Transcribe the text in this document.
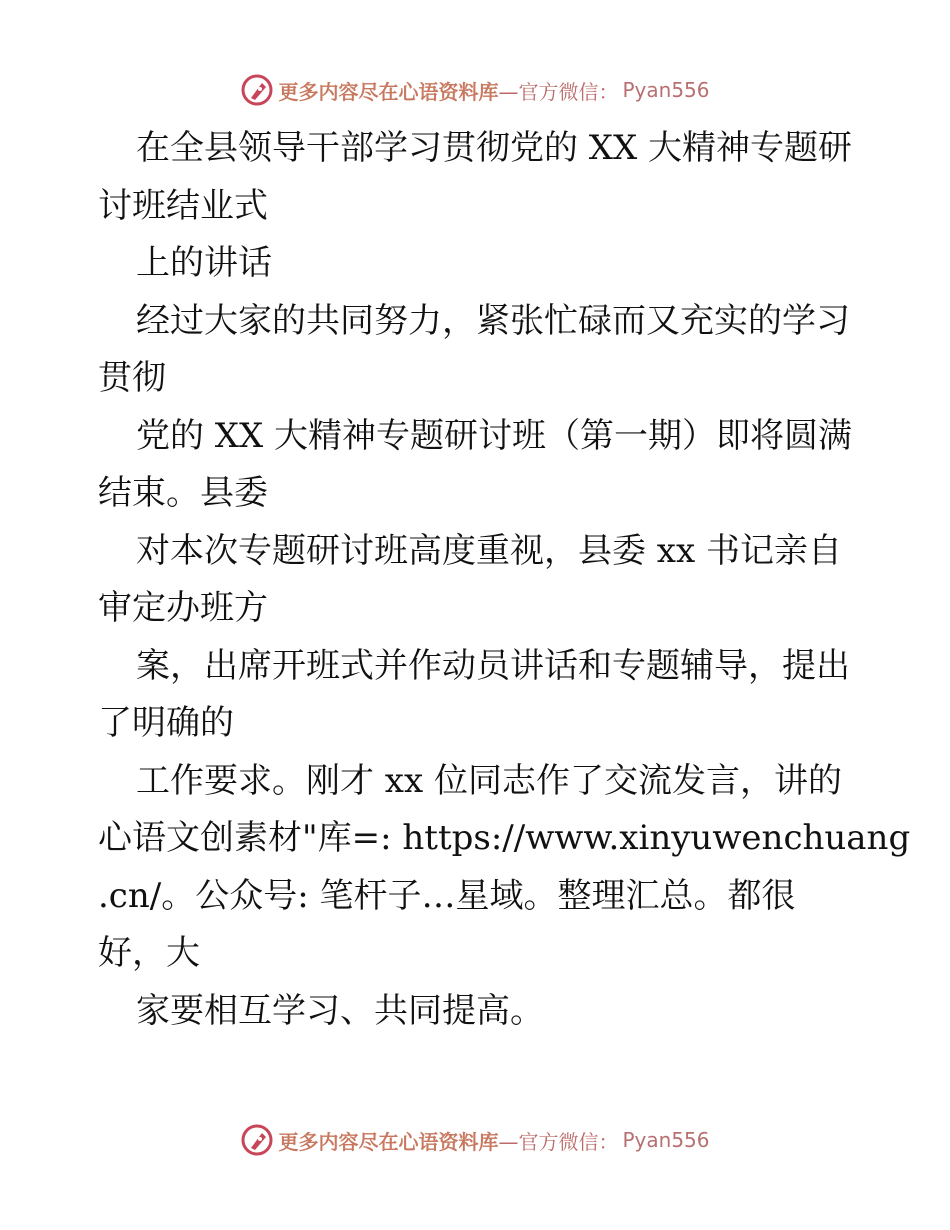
更多内容尽在心语资料库 —官方微信： Pyan556
在全县领导干部学习贯彻党的 XX 大精神专题研
讨班结业式
上的讲话
经过大家的共同努力，紧张忙碌而又充实的学习
贯彻
党的 XX 大精神专题研讨班（第一期）即将圆满
结束。县委
对本次专题研讨班高度重视，县委 xx 书记亲自
审定办班方
案，出席开班式并作动员讲话和专题辅导，提出
了明确的
工作要求。刚才 xx 位同志作了交流发言，讲的
心语文创素材"库=: https://www.xinyuwenchuang
.cn/。公众号: 笔杆子…星域。整理汇总。都很
好，大
家要相互学习、共同提高。
更多内容尽在心语资料库 —官方微信： Pyan556
